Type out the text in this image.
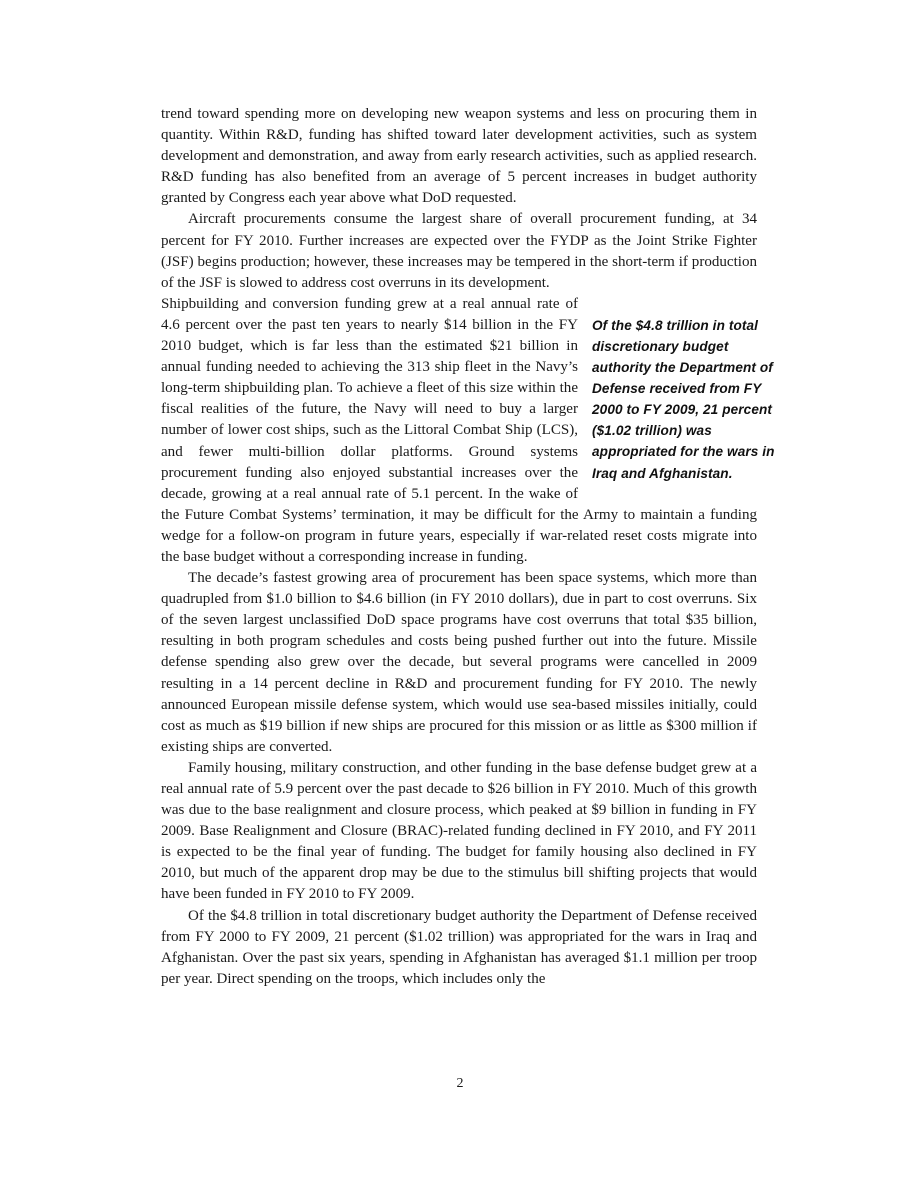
trend toward spending more on developing new weapon systems and less on procuring them in quantity. Within R&D, funding has shifted toward later development activities, such as system development and demonstration, and away from early research activities, such as applied research. R&D funding has also benefited from an average of 5 percent increases in budget authority granted by Congress each year above what DoD requested.

Aircraft procurements consume the largest share of overall procurement funding, at 34 percent for FY 2010. Further increases are expected over the FYDP as the Joint Strike Fighter (JSF) begins production; however, these increases may be tempered in the short-term if production of the JSF is slowed to address cost overruns in its development.

Of the $4.8 trillion in total discretionary budget authority the Department of Defense received from FY 2000 to FY 2009, 21 percent ($1.02 trillion) was appropriated for the wars in Iraq and Afghanistan.

Shipbuilding and conversion funding grew at a real annual rate of 4.6 percent over the past ten years to nearly $14 billion in the FY 2010 budget, which is far less than the estimated $21 billion in annual funding needed to achieving the 313 ship fleet in the Navy’s long-term shipbuilding plan. To achieve a fleet of this size within the fiscal realities of the future, the Navy will need to buy a larger number of lower cost ships, such as the Littoral Combat Ship (LCS), and fewer multi-billion dollar platforms. Ground systems procurement funding also enjoyed substantial increases over the decade, growing at a real annual rate of 5.1 percent. In the wake of the Future Combat Systems’ termination, it may be difficult for the Army to maintain a funding wedge for a follow-on program in future years, especially if war-related reset costs migrate into the base budget without a corresponding increase in funding.

The decade’s fastest growing area of procurement has been space systems, which more than quadrupled from $1.0 billion to $4.6 billion (in FY 2010 dollars), due in part to cost overruns. Six of the seven largest unclassified DoD space programs have cost overruns that total $35 billion, resulting in both program schedules and costs being pushed further out into the future. Missile defense spending also grew over the decade, but several programs were cancelled in 2009 resulting in a 14 percent decline in R&D and procurement funding for FY 2010. The newly announced European missile defense system, which would use sea-based missiles initially, could cost as much as $19 billion if new ships are procured for this mission or as little as $300 million if existing ships are converted.

Family housing, military construction, and other funding in the base defense budget grew at a real annual rate of 5.9 percent over the past decade to $26 billion in FY 2010. Much of this growth was due to the base realignment and closure process, which peaked at $9 billion in funding in FY 2009. Base Realignment and Closure (BRAC)-related funding declined in FY 2010, and FY 2011 is expected to be the final year of funding. The budget for family housing also declined in FY 2010, but much of the apparent drop may be due to the stimulus bill shifting projects that would have been funded in FY 2010 to FY 2009.

Of the $4.8 trillion in total discretionary budget authority the Department of Defense received from FY 2000 to FY 2009, 21 percent ($1.02 trillion) was appropriated for the wars in Iraq and Afghanistan. Over the past six years, spending in Afghanistan has averaged $1.1 million per troop per year. Direct spending on the troops, which includes only the

2
